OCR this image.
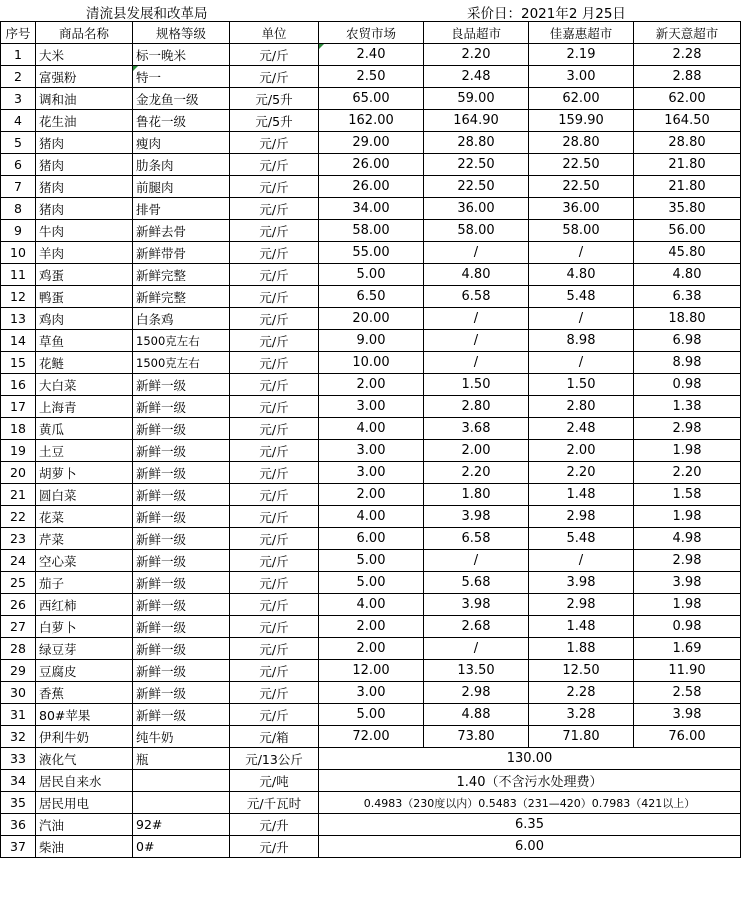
清流县发展和改革局	采价日：2021年2 月25日
序号	商品名称	规格等级	单位	农贸市场	良品超市	佳嘉惠超市	新天意超市
1	大米	标一晚米	元/斤	2.40	2.20	2.19	2.28
2	富强粉	特一	元/斤	2.50	2.48	3.00	2.88
3	调和油	金龙鱼一级	元/5升	65.00	59.00	62.00	62.00
4	花生油	鲁花一级	元/5升	162.00	164.90	159.90	164.50
5	猪肉	瘦肉	元/斤	29.00	28.80	28.80	28.80
6	猪肉	肋条肉	元/斤	26.00	22.50	22.50	21.80
7	猪肉	前腿肉	元/斤	26.00	22.50	22.50	21.80
8	猪肉	排骨	元/斤	34.00	36.00	36.00	35.80
9	牛肉	新鲜去骨	元/斤	58.00	58.00	58.00	56.00
10	羊肉	新鲜带骨	元/斤	55.00	/	/	45.80
11	鸡蛋	新鲜完整	元/斤	5.00	4.80	4.80	4.80
12	鸭蛋	新鲜完整	元/斤	6.50	6.58	5.48	6.38
13	鸡肉	白条鸡	元/斤	20.00	/	/	18.80
14	草鱼	1500克左右	元/斤	9.00	/	8.98	6.98
15	花鲢	1500克左右	元/斤	10.00	/	/	8.98
16	大白菜	新鲜一级	元/斤	2.00	1.50	1.50	0.98
17	上海青	新鲜一级	元/斤	3.00	2.80	2.80	1.38
18	黄瓜	新鲜一级	元/斤	4.00	3.68	2.48	2.98
19	土豆	新鲜一级	元/斤	3.00	2.00	2.00	1.98
20	胡萝卜	新鲜一级	元/斤	3.00	2.20	2.20	2.20
21	圆白菜	新鲜一级	元/斤	2.00	1.80	1.48	1.58
22	花菜	新鲜一级	元/斤	4.00	3.98	2.98	1.98
23	芹菜	新鲜一级	元/斤	6.00	6.58	5.48	4.98
24	空心菜	新鲜一级	元/斤	5.00	/	/	2.98
25	茄子	新鲜一级	元/斤	5.00	5.68	3.98	3.98
26	西红柿	新鲜一级	元/斤	4.00	3.98	2.98	1.98
27	白萝卜	新鲜一级	元/斤	2.00	2.68	1.48	0.98
28	绿豆芽	新鲜一级	元/斤	2.00	/	1.88	1.69
29	豆腐皮	新鲜一级	元/斤	12.00	13.50	12.50	11.90
30	香蕉	新鲜一级	元/斤	3.00	2.98	2.28	2.58
31	80#苹果	新鲜一级	元/斤	5.00	4.88	3.28	3.98
32	伊利牛奶	纯牛奶	元/箱	72.00	73.80	71.80	76.00
33	液化气	瓶	元/13公斤	130.00			
34	居民自来水		元/吨	1.40（不含污水处理费）			
35	居民用电		元/千瓦时	0.4983（230度以内）0.5483（231—420）0.7983（421以上）			
36	汽油	92#	元/升	6.35			
37	柴油	0#	元/升	6.00			
